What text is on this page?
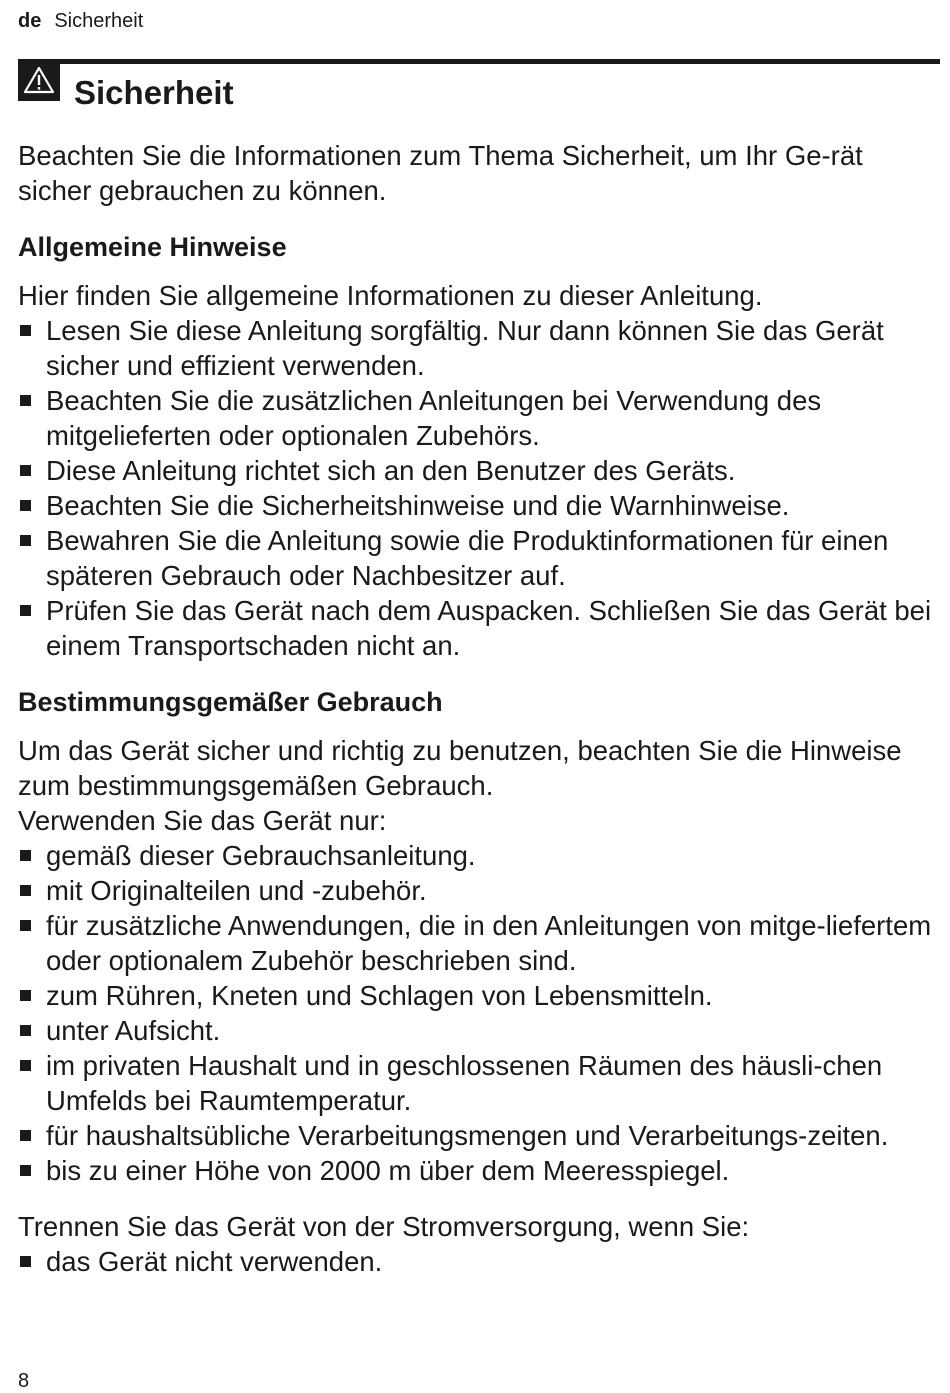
de Sicherheit
Sicherheit

Beachten Sie die Informationen zum Thema Sicherheit, um Ihr Ge-rät sicher gebrauchen zu können.

Allgemeine Hinweise

Hier finden Sie allgemeine Informationen zu dieser Anleitung.

Lesen Sie diese Anleitung sorgfältig. Nur dann können Sie das Gerät sicher und effizient verwenden.
Beachten Sie die zusätzlichen Anleitungen bei Verwendung des mitgelieferten oder optionalen Zubehörs.
Diese Anleitung richtet sich an den Benutzer des Geräts.
Beachten Sie die Sicherheitshinweise und die Warnhinweise.
Bewahren Sie die Anleitung sowie die Produktinformationen für einen späteren Gebrauch oder Nachbesitzer auf.
Prüfen Sie das Gerät nach dem Auspacken. Schließen Sie das Gerät bei einem Transportschaden nicht an.
Bestimmungsgemäßer Gebrauch

Um das Gerät sicher und richtig zu benutzen, beachten Sie die Hinweise zum bestimmungsgemäßen Gebrauch.

Verwenden Sie das Gerät nur:

gemäß dieser Gebrauchsanleitung.
mit Originalteilen und -zubehör.
für zusätzliche Anwendungen, die in den Anleitungen von mitge-liefertem oder optionalem Zubehör beschrieben sind.
zum Rühren, Kneten und Schlagen von Lebensmitteln.
unter Aufsicht.
im privaten Haushalt und in geschlossenen Räumen des häusli-chen Umfelds bei Raumtemperatur.
für haushaltsübliche Verarbeitungsmengen und Verarbeitungs-zeiten.
bis zu einer Höhe von 2000 m über dem Meeresspiegel.

Trennen Sie das Gerät von der Stromversorgung, wenn Sie:

das Gerät nicht verwenden.
8
